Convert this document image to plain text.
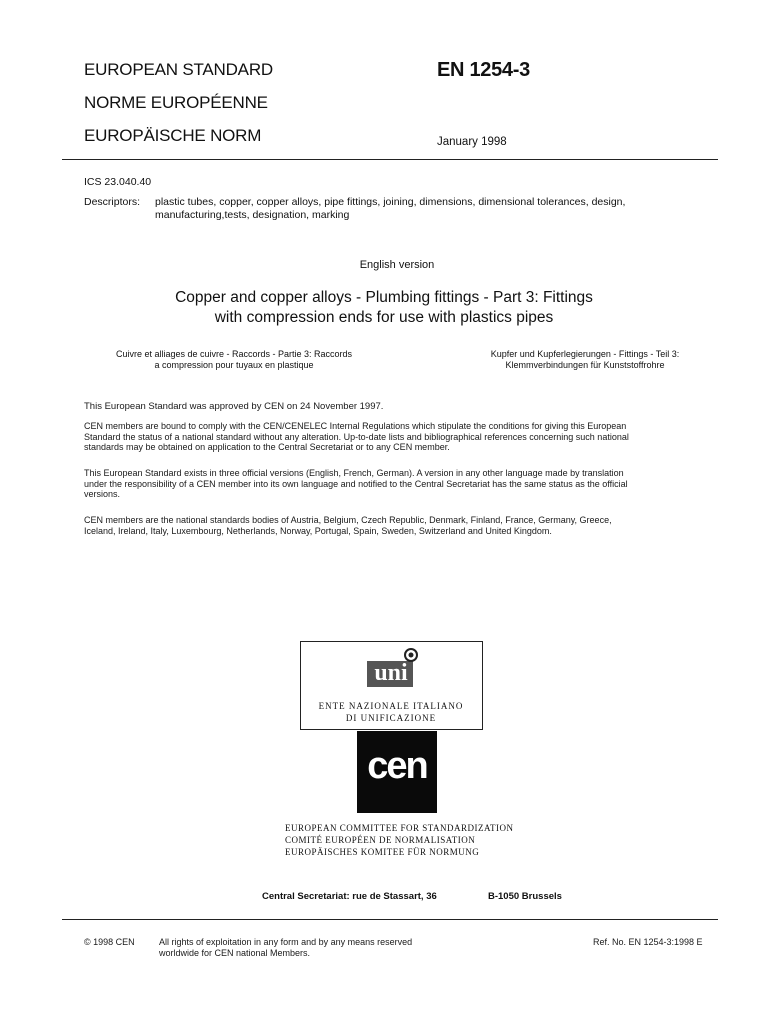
EUROPEAN STANDARD
NORME EUROPÉENNE
EUROPÄISCHE NORM
EN 1254-3
January 1998
ICS 23.040.40
Descriptors: plastic tubes, copper, copper alloys, pipe fittings, joining, dimensions, dimensional tolerances, design,
manufacturing,tests, designation, marking
English version
Copper and copper alloys - Plumbing fittings - Part 3: Fittings
with compression ends for use with plastics pipes
Cuivre et alliages de cuivre - Raccords - Partie 3: Raccords
a compression pour tuyaux en plastique
Kupfer und Kupferlegierungen - Fittings - Teil 3:
Klemmverbindungen für Kunststoffrohre
This European Standard was approved by CEN on 24 November 1997.
CEN members are bound to comply with the CEN/CENELEC Internal Regulations which stipulate the conditions for giving this European
Standard the status of a national standard without any alteration. Up-to-date lists and bibliographical references concerning such national
standards may be obtained on application to the Central Secretariat or to any CEN member.
This European Standard exists in three official versions (English, French, German). A version in any other language made by translation
under the responsibility of a CEN member into its own language and notified to the Central Secretariat has the same status as the official
versions.
CEN members are the national standards bodies of Austria, Belgium, Czech Republic, Denmark, Finland, France, Germany, Greece,
Iceland, Ireland, Italy, Luxembourg, Netherlands, Norway, Portugal, Spain, Sweden, Switzerland and United Kingdom.
uni
ENTE NAZIONALE ITALIANO
DI UNIFICAZIONE
cen
EUROPEAN COMMITTEE FOR STANDARDIZATION
COMITÉ EUROPÉEN DE NORMALISATION
EUROPÄISCHES KOMITEE FÜR NORMUNG
Central Secretariat: rue de Stassart, 36	B-1050 Brussels
© 1998 CEN	All rights of exploitation in any form and by any means reserved
worldwide for CEN national Members.
Ref. No. EN 1254-3:1998 E
